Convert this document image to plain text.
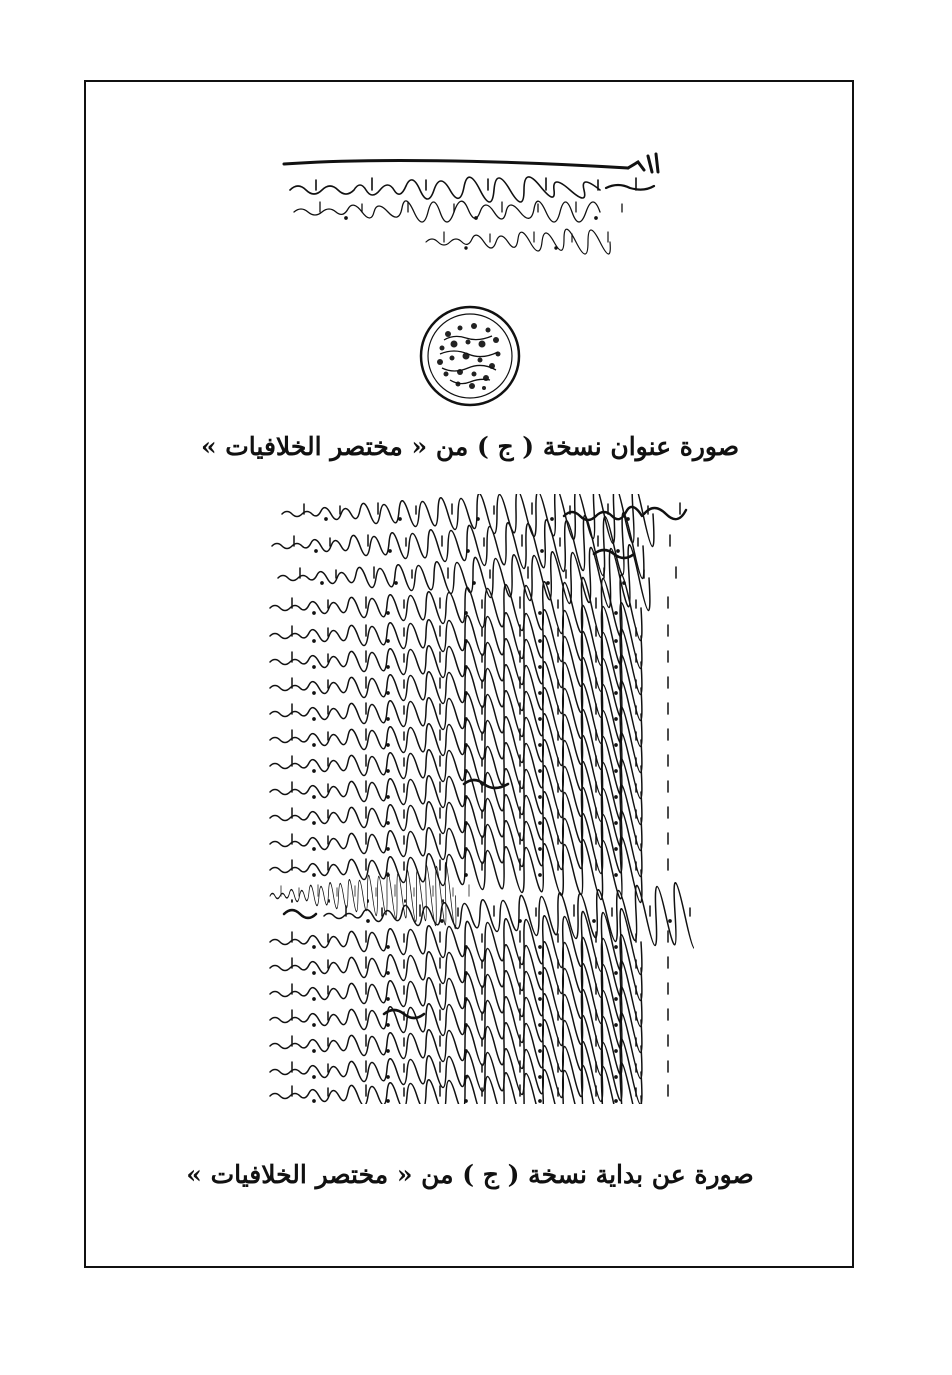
صورة عنوان نسخة ( ج ) من « مختصر الخلافيات »
صورة عن بداية نسخة ( ج ) من « مختصر الخلافيات »
